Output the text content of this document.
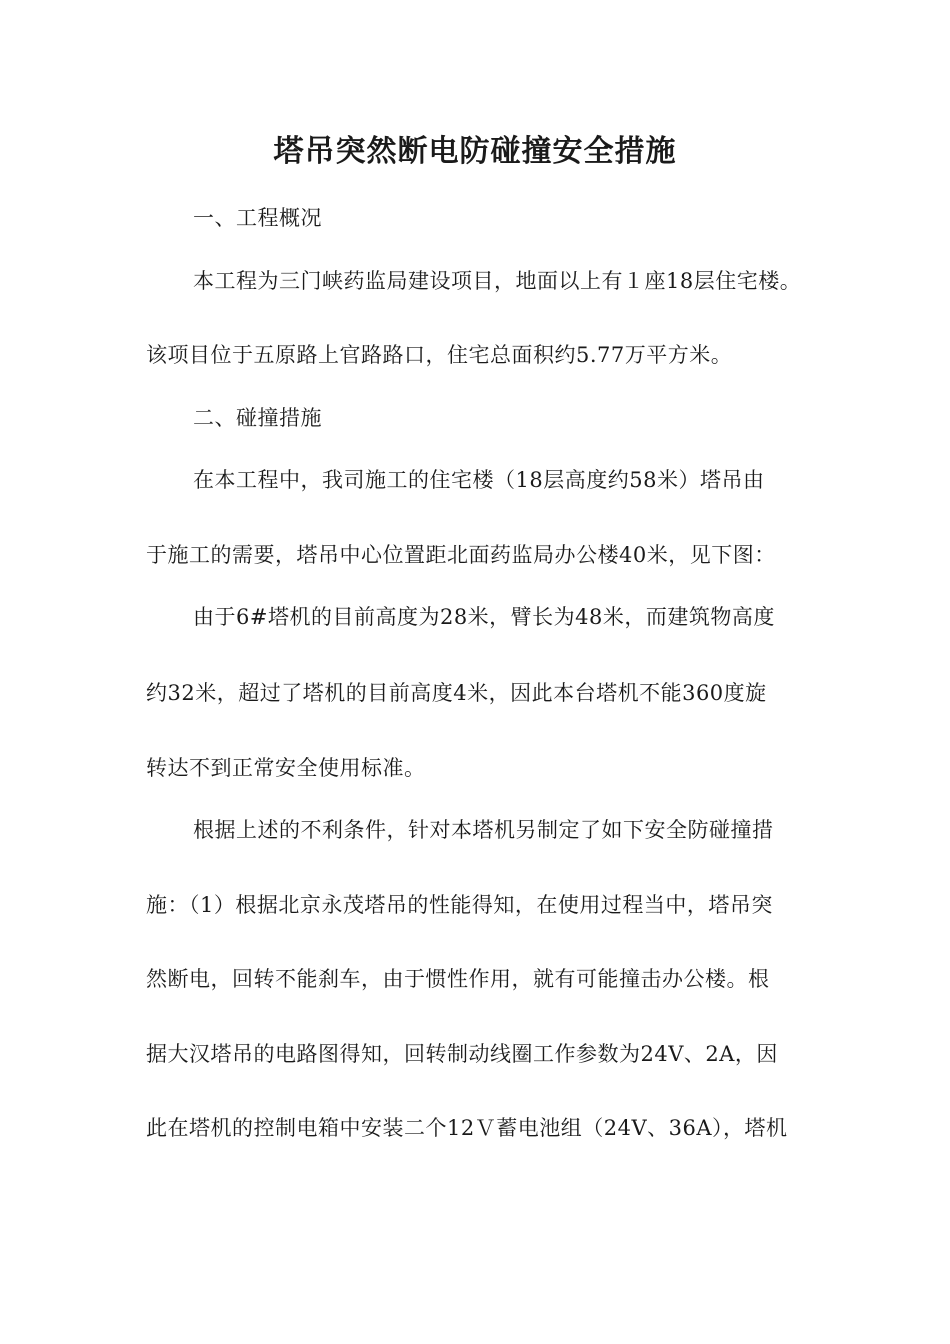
塔吊突然断电防碰撞安全措施

一、工程概况

本工程为三门峡药监局建设项目，地面以上有１座18层住宅楼。

该项目位于五原路上官路路口，住宅总面积约5.77万平方米。

二、碰撞措施

在本工程中，我司施工的住宅楼（18层高度约58米）塔吊由

于施工的需要，塔吊中心位置距北面药监局办公楼40米，见下图：

由于6#塔机的目前高度为28米，臂长为48米，而建筑物高度

约32米，超过了塔机的目前高度4米，因此本台塔机不能360度旋

转达不到正常安全使用标准。

根据上述的不利条件，针对本塔机另制定了如下安全防碰撞措

施：（1）根据北京永茂塔吊的性能得知，在使用过程当中，塔吊突

然断电，回转不能刹车，由于惯性作用，就有可能撞击办公楼。根

据大汉塔吊的电路图得知，回转制动线圈工作参数为24V、2A，因

此在塔机的控制电箱中安装二个12Ｖ蓄电池组（24V、36A），塔机
